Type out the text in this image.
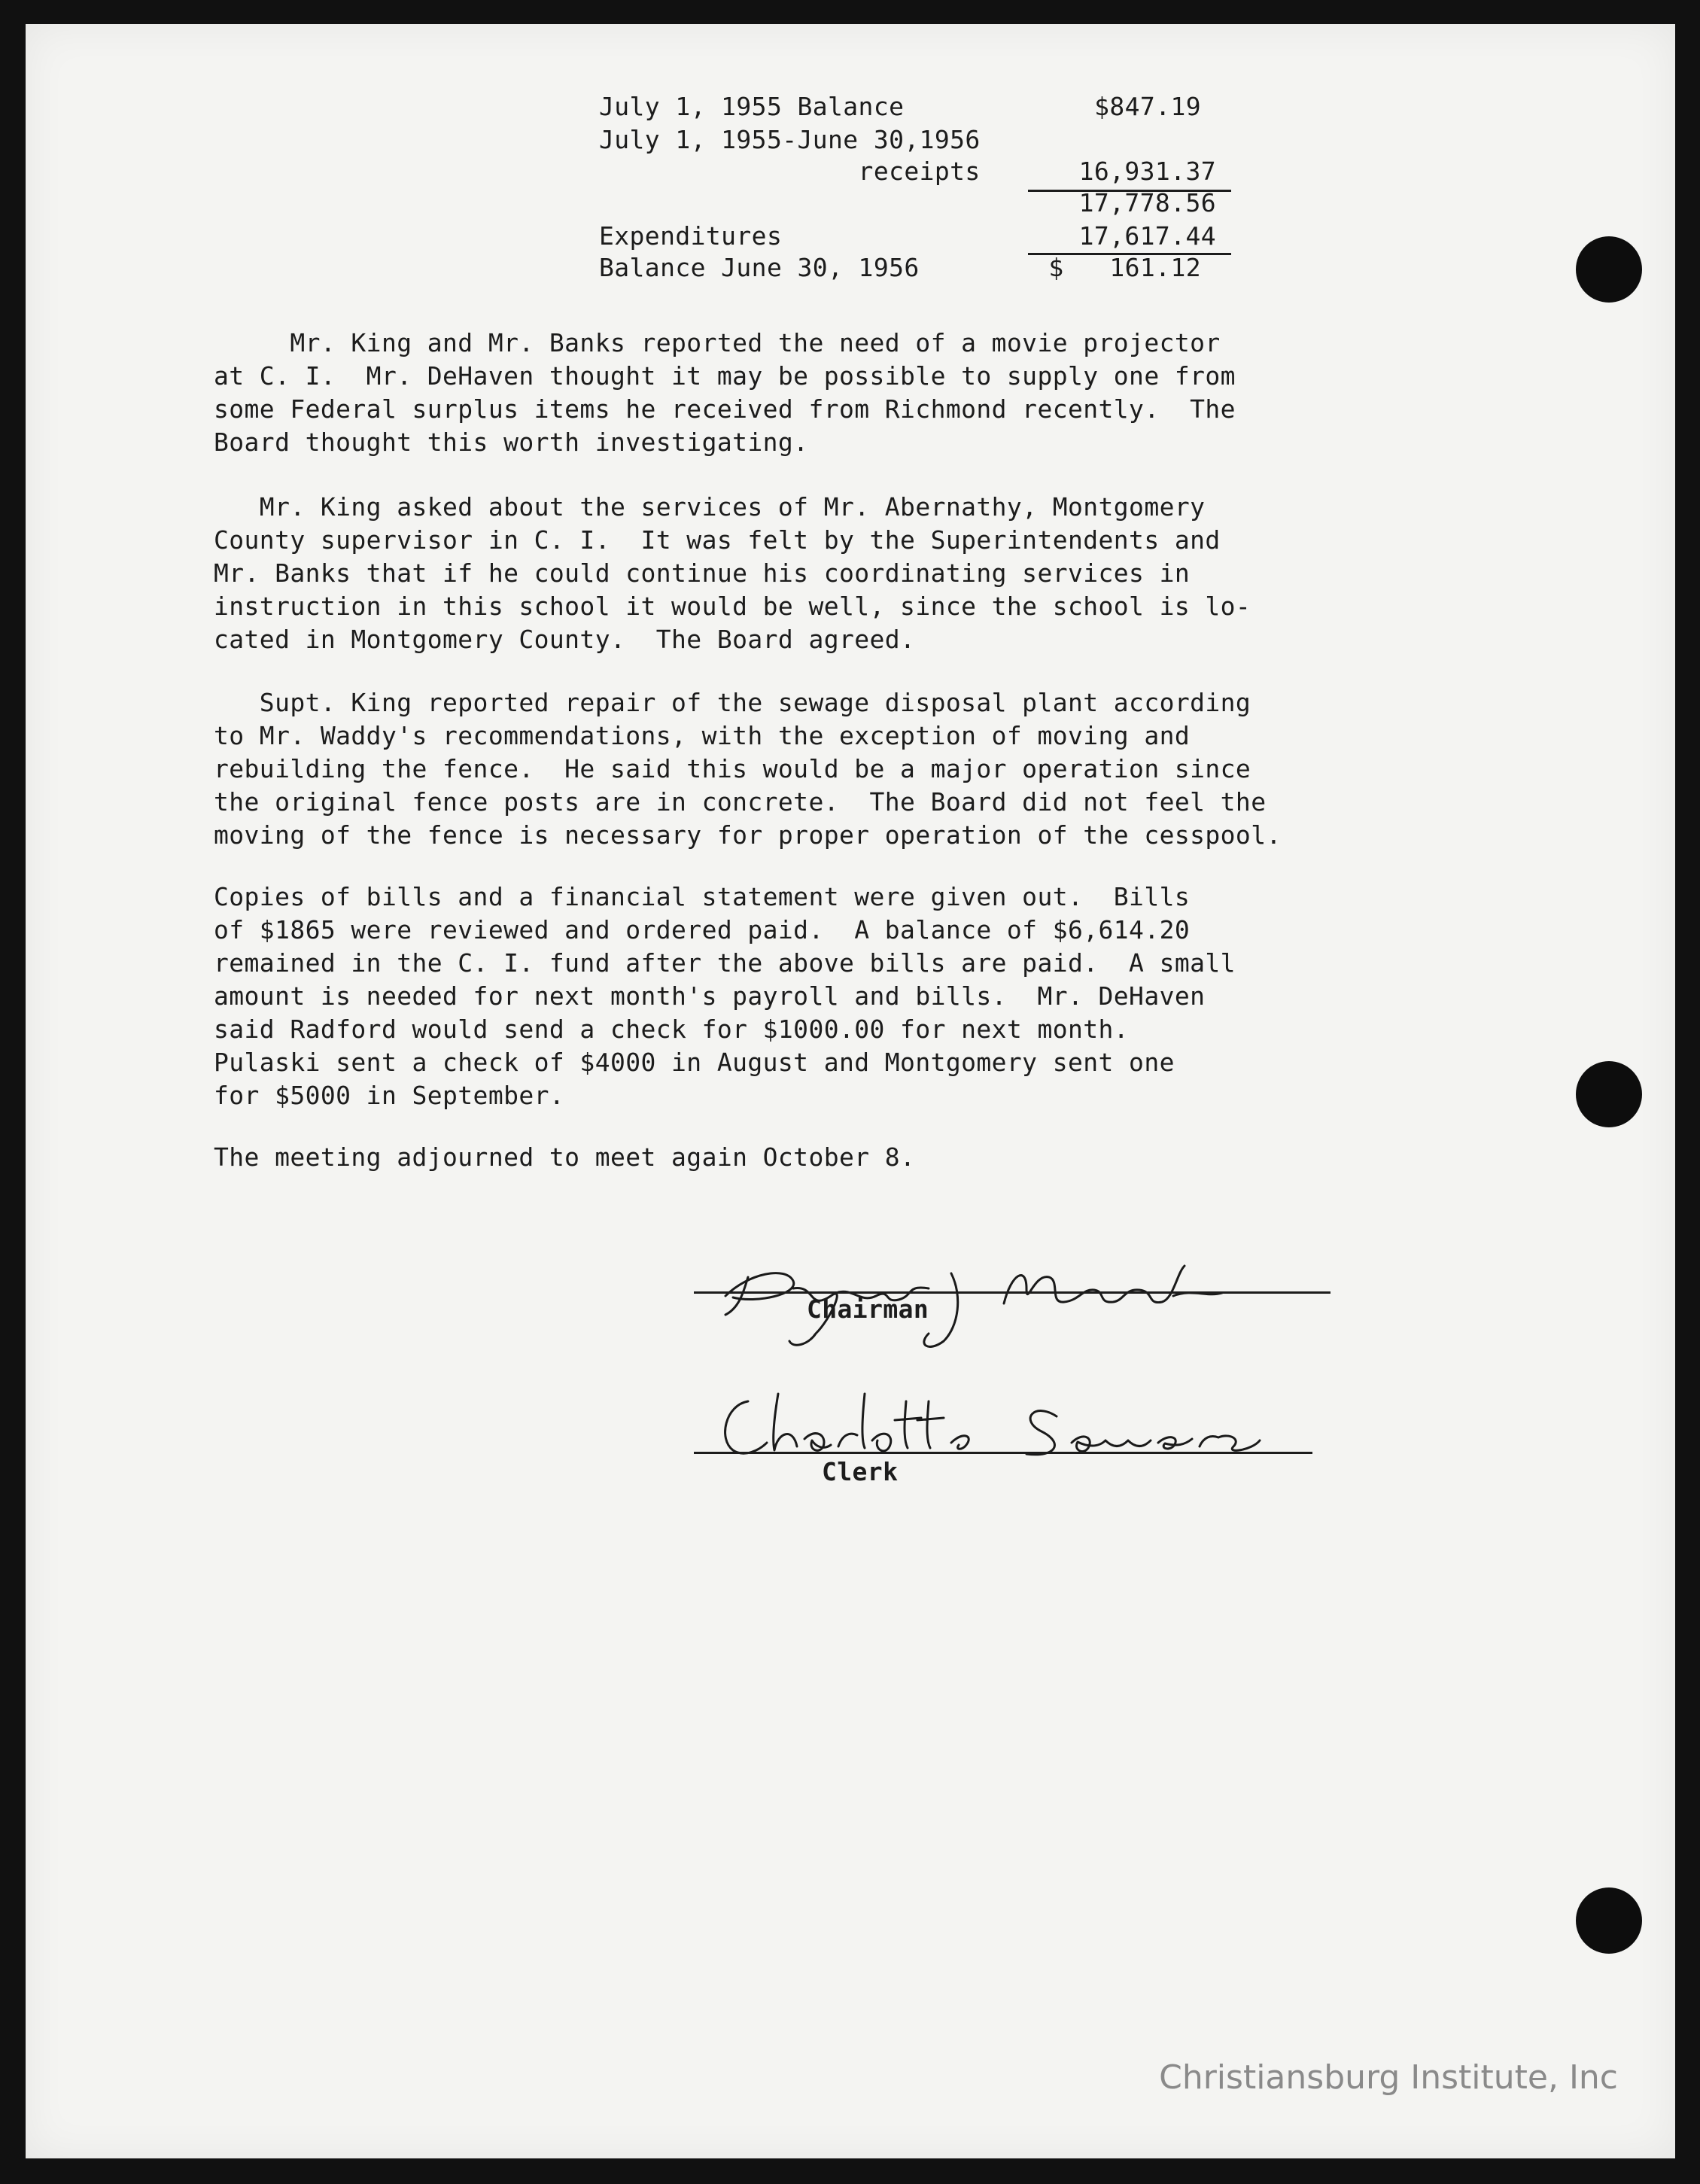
July 1, 1955 Balance	$847.19
July 1, 1955-June 30,1956
receipts	16,931.37
17,778.56
Expenditures	17,617.44
Balance June 30, 1956	$   161.12
Mr. King and Mr. Banks reported the need of a movie projector
at C. I.  Mr. DeHaven thought it may be possible to supply one from
some Federal surplus items he received from Richmond recently.  The
Board thought this worth investigating.
Mr. King asked about the services of Mr. Abernathy, Montgomery
County supervisor in C. I.  It was felt by the Superintendents and
Mr. Banks that if he could continue his coordinating services in
instruction in this school it would be well, since the school is lo-
cated in Montgomery County.  The Board agreed.
Supt. King reported repair of the sewage disposal plant according
to Mr. Waddy's recommendations, with the exception of moving and
rebuilding the fence.  He said this would be a major operation since
the original fence posts are in concrete.  The Board did not feel the
moving of the fence is necessary for proper operation of the cesspool.
Copies of bills and a financial statement were given out.  Bills
of $1865 were reviewed and ordered paid.  A balance of $6,614.20
remained in the C. I. fund after the above bills are paid.  A small
amount is needed for next month's payroll and bills.  Mr. DeHaven
said Radford would send a check for $1000.00 for next month.
Pulaski sent a check of $4000 in August and Montgomery sent one
for $5000 in September.
The meeting adjourned to meet again October 8.
Chairman
Clerk
Christiansburg Institute, Inc
